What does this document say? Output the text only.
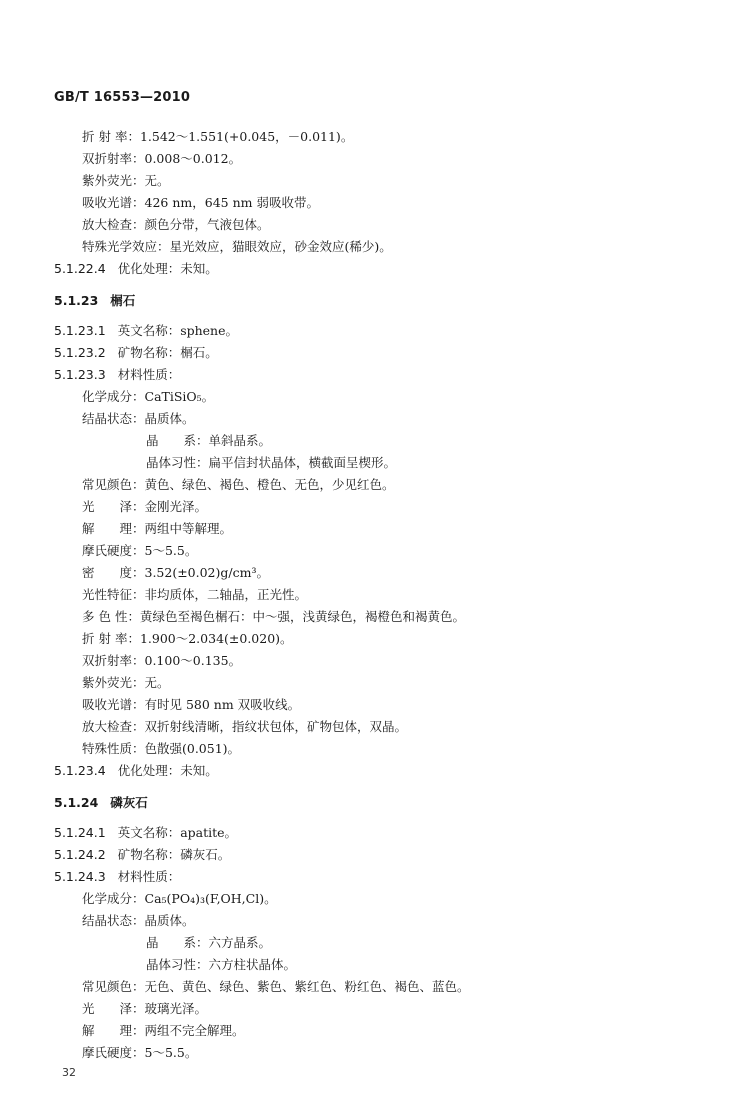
GB/T 16553—2010
折 射 率：1.542～1.551(+0.045，－0.011)。
双折射率：0.008～0.012。
紫外荧光：无。
吸收光谱：426 nm，645 nm 弱吸收带。
放大检查：颜色分带，气液包体。
特殊光学效应：星光效应，猫眼效应，砂金效应(稀少)。
5.1.22.4 优化处理：未知。
5.1.23 榍石
5.1.23.1 英文名称：sphene。
5.1.23.2 矿物名称：榍石。
5.1.23.3 材料性质：
化学成分：CaTiSiO₅。
结晶状态：晶质体。
晶　　系：单斜晶系。
晶体习性：扁平信封状晶体，横截面呈楔形。
常见颜色：黄色、绿色、褐色、橙色、无色，少见红色。
光　　泽：金刚光泽。
解　　理：两组中等解理。
摩氏硬度：5～5.5。
密　　度：3.52(±0.02)g/cm³。
光性特征：非均质体，二轴晶，正光性。
多 色 性：黄绿色至褐色榍石：中～强，浅黄绿色，褐橙色和褐黄色。
折 射 率：1.900～2.034(±0.020)。
双折射率：0.100～0.135。
紫外荧光：无。
吸收光谱：有时见 580 nm 双吸收线。
放大检查：双折射线清晰，指纹状包体，矿物包体，双晶。
特殊性质：色散强(0.051)。
5.1.23.4 优化处理：未知。
5.1.24 磷灰石
5.1.24.1 英文名称：apatite。
5.1.24.2 矿物名称：磷灰石。
5.1.24.3 材料性质：
化学成分：Ca₅(PO₄)₃(F,OH,Cl)。
结晶状态：晶质体。
晶　　系：六方晶系。
晶体习性：六方柱状晶体。
常见颜色：无色、黄色、绿色、紫色、紫红色、粉红色、褐色、蓝色。
光　　泽：玻璃光泽。
解　　理：两组不完全解理。
摩氏硬度：5～5.5。
32
